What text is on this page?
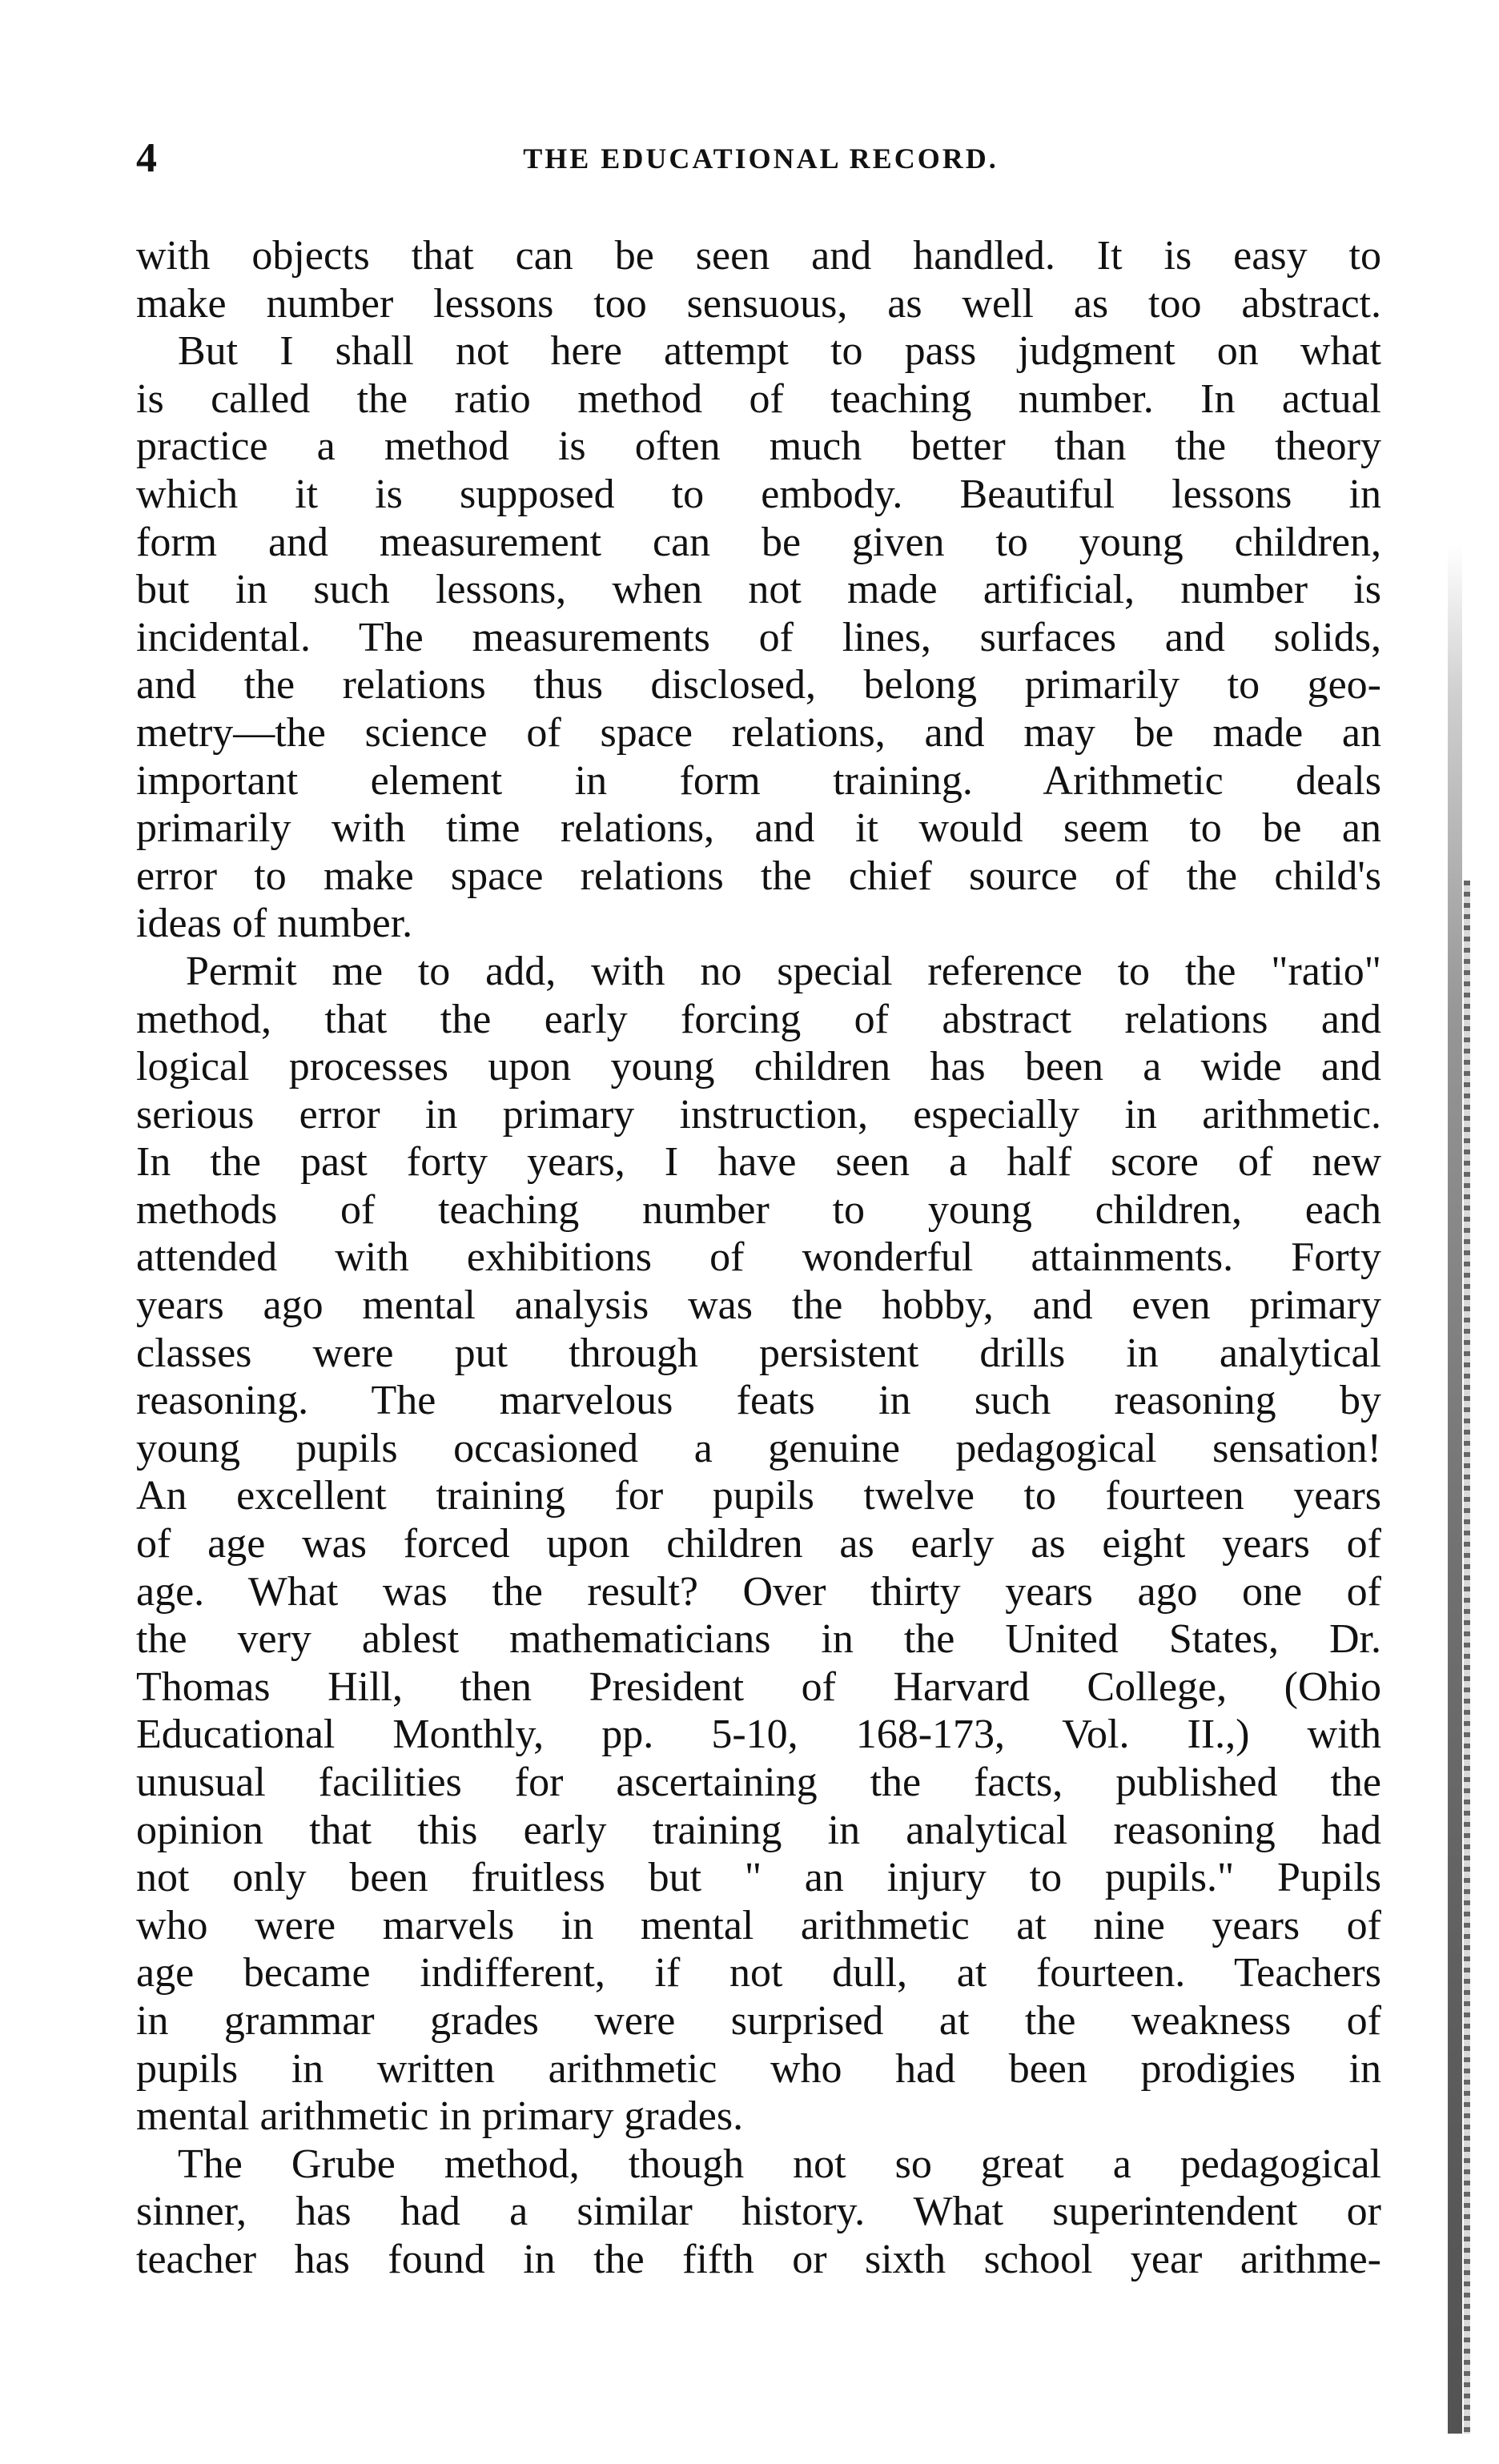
4	THE EDUCATIONAL RECORD.
with objects that can be seen and handled. It is easy to
make number lessons too sensuous, as well as too abstract.
But I shall not here attempt to pass judgment on what
is called the ratio method of teaching number. In actual
practice a method is often much better than the theory
which it is supposed to embody. Beautiful lessons in
form and measurement can be given to young children,
but in such lessons, when not made artificial, number is
incidental. The measurements of lines, surfaces and solids,
and the relations thus disclosed, belong primarily to geo-
metry—the science of space relations, and may be made an
important element in form training. Arithmetic deals
primarily with time relations, and it would seem to be an
error to make space relations the chief source of the child's
ideas of number.
Permit me to add, with no special reference to the "ratio"
method, that the early forcing of abstract relations and
logical processes upon young children has been a wide and
serious error in primary instruction, especially in arithmetic.
In the past forty years, I have seen a half score of new
methods of teaching number to young children, each
attended with exhibitions of wonderful attainments. Forty
years ago mental analysis was the hobby, and even primary
classes were put through persistent drills in analytical
reasoning. The marvelous feats in such reasoning by
young pupils occasioned a genuine pedagogical sensation!
An excellent training for pupils twelve to fourteen years
of age was forced upon children as early as eight years of
age. What was the result? Over thirty years ago one of
the very ablest mathematicians in the United States, Dr.
Thomas Hill, then President of Harvard College, (Ohio
Educational Monthly, pp. 5-10, 168-173, Vol. II.,) with
unusual facilities for ascertaining the facts, published the
opinion that this early training in analytical reasoning had
not only been fruitless but " an injury to pupils." Pupils
who were marvels in mental arithmetic at nine years of
age became indifferent, if not dull, at fourteen. Teachers
in grammar grades were surprised at the weakness of
pupils in written arithmetic who had been prodigies in
mental arithmetic in primary grades.
The Grube method, though not so great a pedagogical
sinner, has had a similar history. What superintendent or
teacher has found in the fifth or sixth school year arithme-
